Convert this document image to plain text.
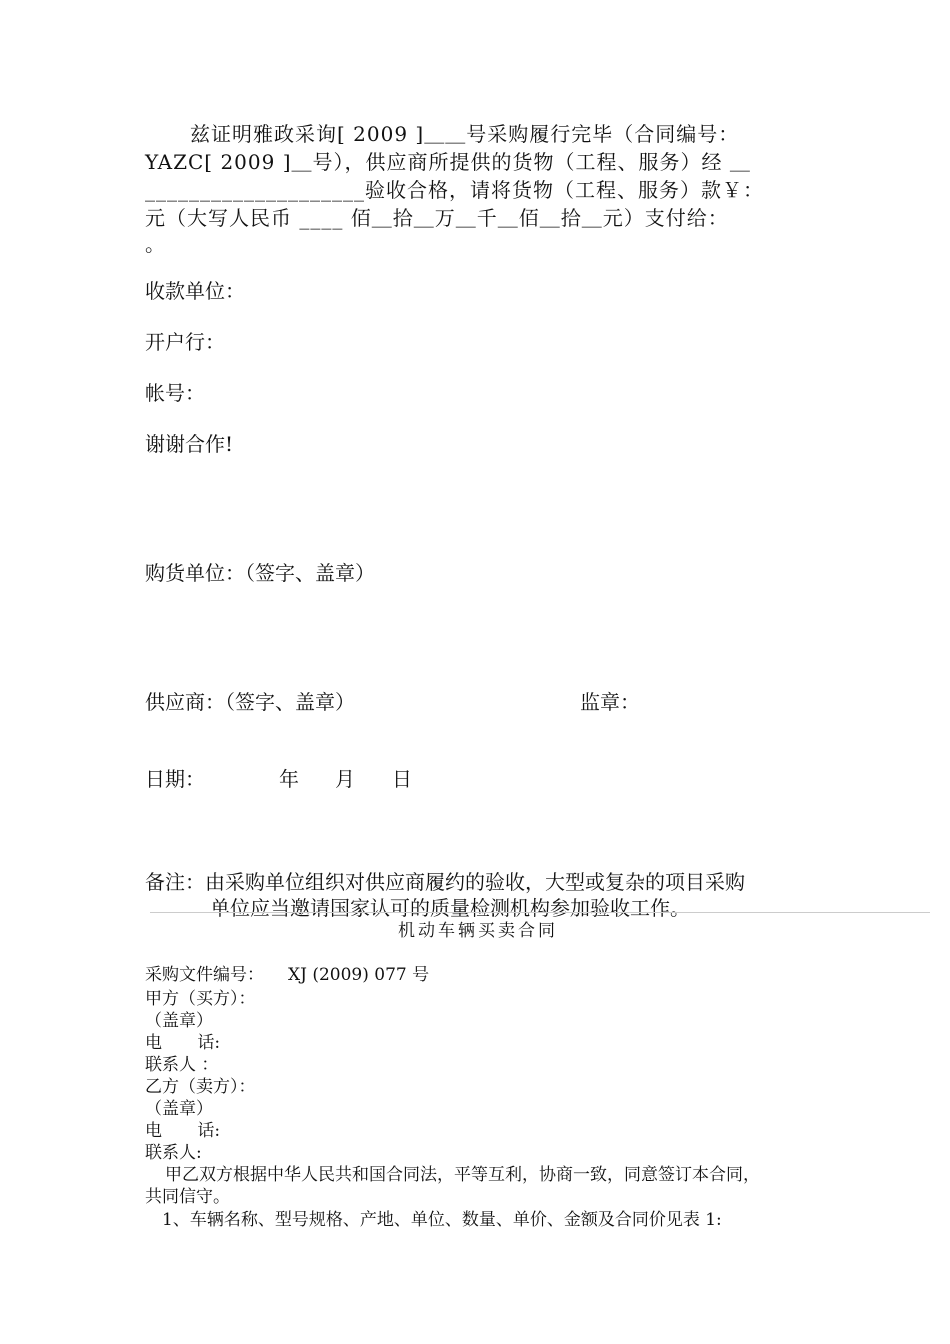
兹证明雅政采询[ 2009 ]＿＿号采购履行完毕（合同编号：
YAZC[ 2009 ]＿号），供应商所提供的货物（工程、服务）经 ＿
____________________验收合格，请将货物（工程、服务）款￥：
元（大写人民币 ____ 佰＿拾＿万＿千＿佰＿拾＿元）支付给：
。
收款单位：
开户行：
帐号：
谢谢合作!
购货单位：（签字、盖章）
供应商：（签字、盖章）	监章：
日期：	年 月 日
备注：由采购单位组织对供应商履约的验收，大型或复杂的项目采购
单位应当邀请国家认可的质量检测机构参加验收工作。
机动车辆买卖合同
采购文件编号： XJ (2009) 077 号
甲方（买方）：
（盖章）
电 话:
联系人 ：
乙方（卖方）：
（盖章）
电 话:
联系人:
甲乙双方根据中华人民共和国合同法，平等互利，协商一致，同意签订本合同，
共同信守。
1、车辆名称、型号规格、产地、单位、数量、单价、金额及合同价见表 1:
